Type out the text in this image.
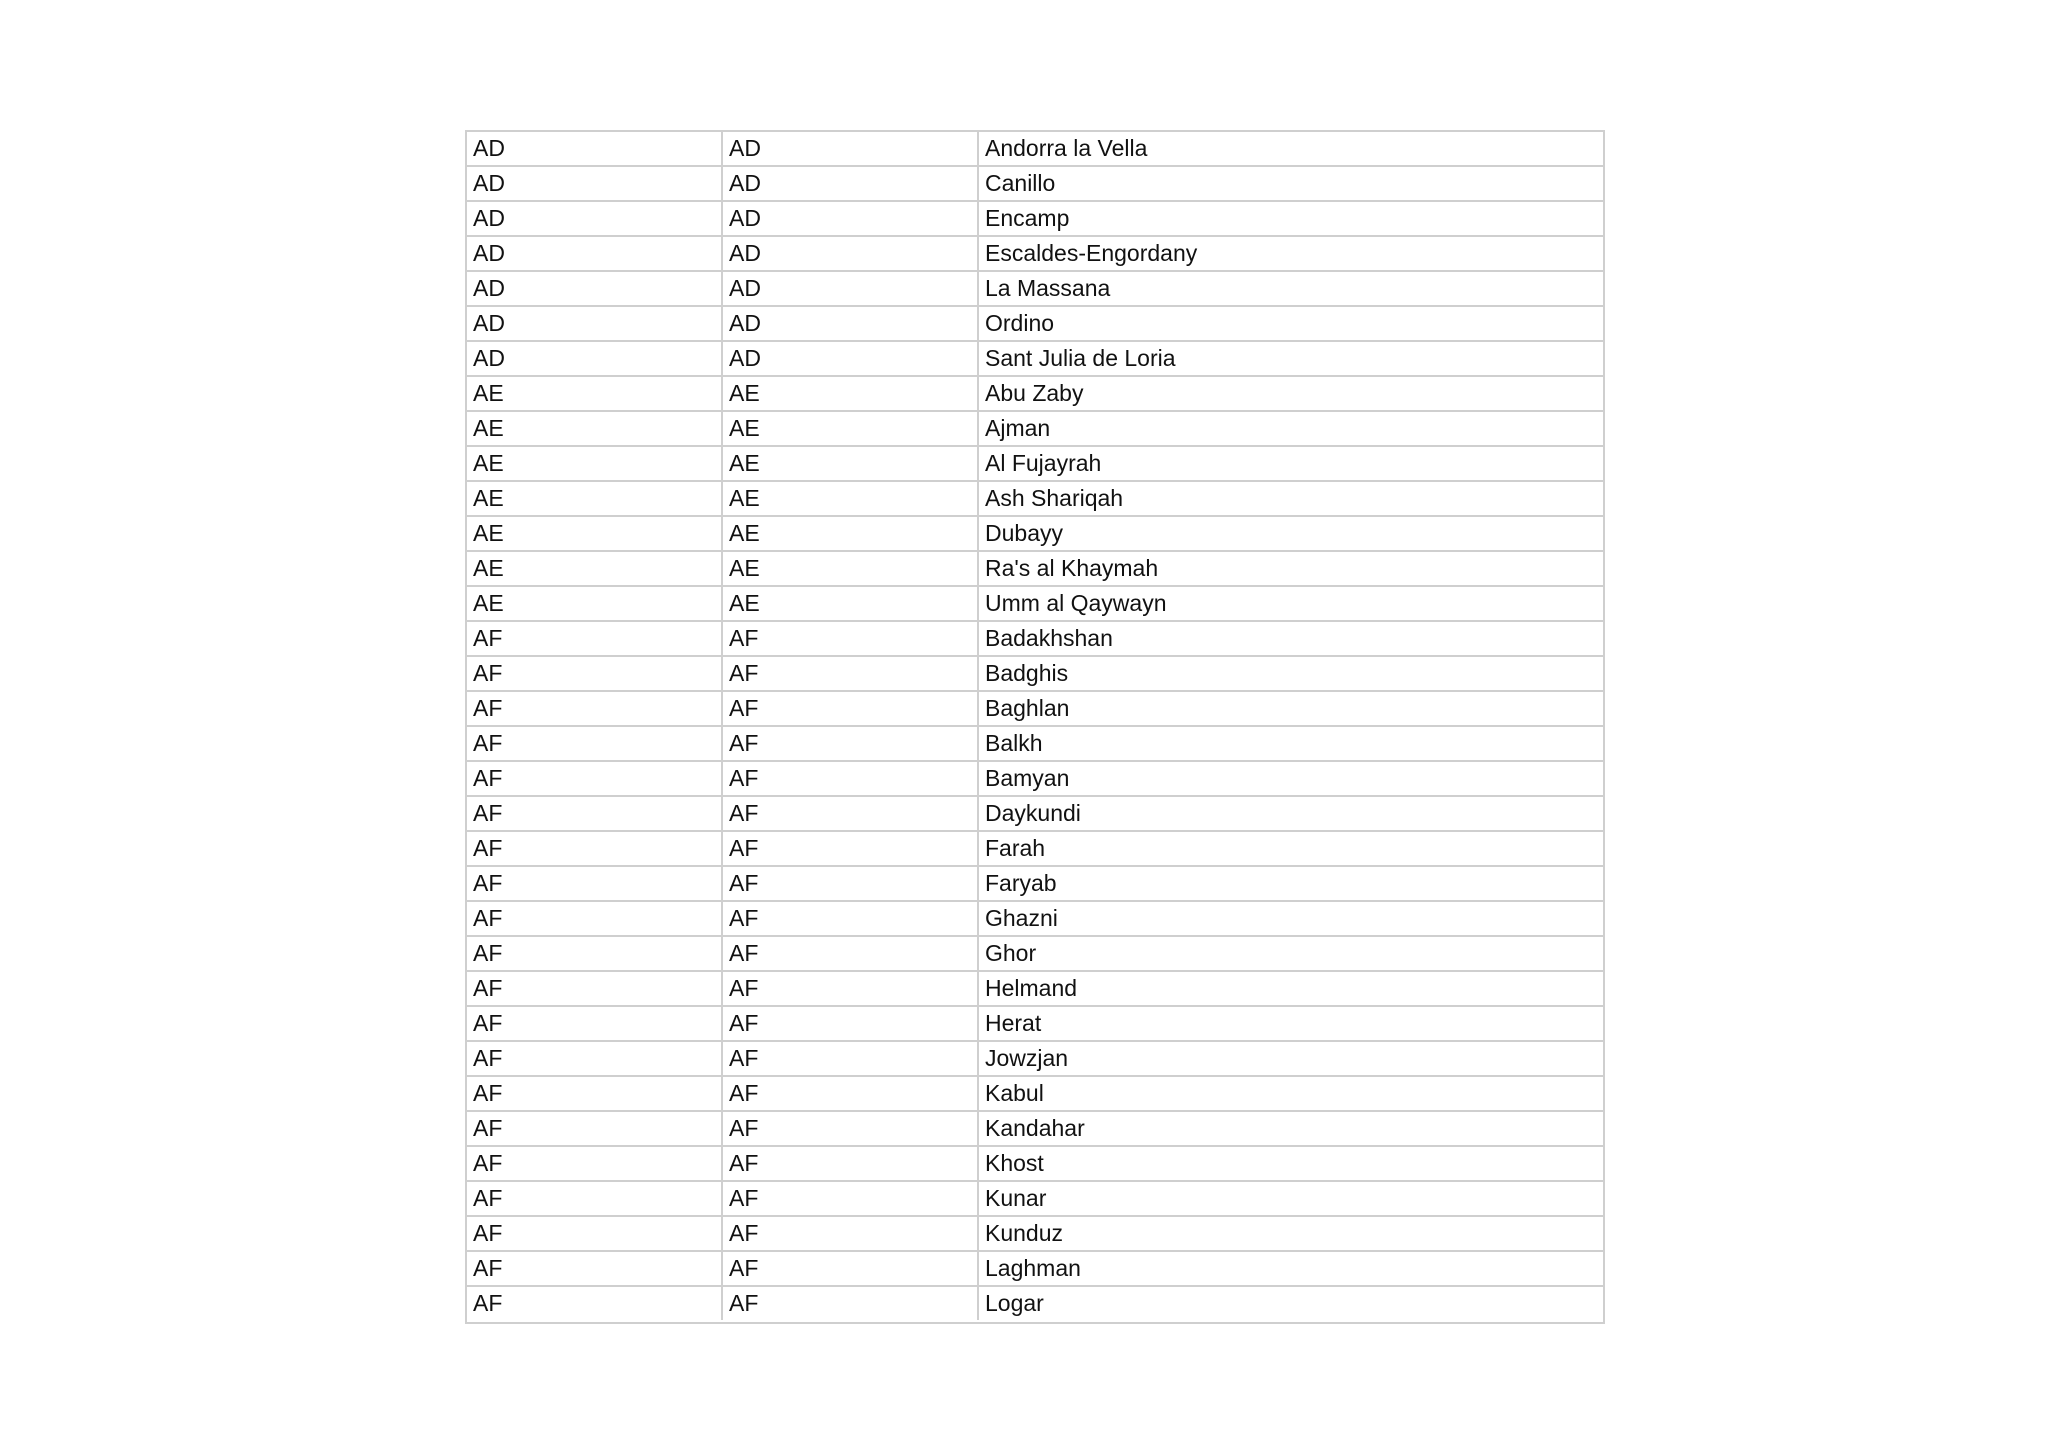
AD	AD	Andorra la Vella
AD	AD	Canillo
AD	AD	Encamp
AD	AD	Escaldes-Engordany
AD	AD	La Massana
AD	AD	Ordino
AD	AD	Sant Julia de Loria
AE	AE	Abu Zaby
AE	AE	Ajman
AE	AE	Al Fujayrah
AE	AE	Ash Shariqah
AE	AE	Dubayy
AE	AE	Ra's al Khaymah
AE	AE	Umm al Qaywayn
AF	AF	Badakhshan
AF	AF	Badghis
AF	AF	Baghlan
AF	AF	Balkh
AF	AF	Bamyan
AF	AF	Daykundi
AF	AF	Farah
AF	AF	Faryab
AF	AF	Ghazni
AF	AF	Ghor
AF	AF	Helmand
AF	AF	Herat
AF	AF	Jowzjan
AF	AF	Kabul
AF	AF	Kandahar
AF	AF	Khost
AF	AF	Kunar
AF	AF	Kunduz
AF	AF	Laghman
AF	AF	Logar
